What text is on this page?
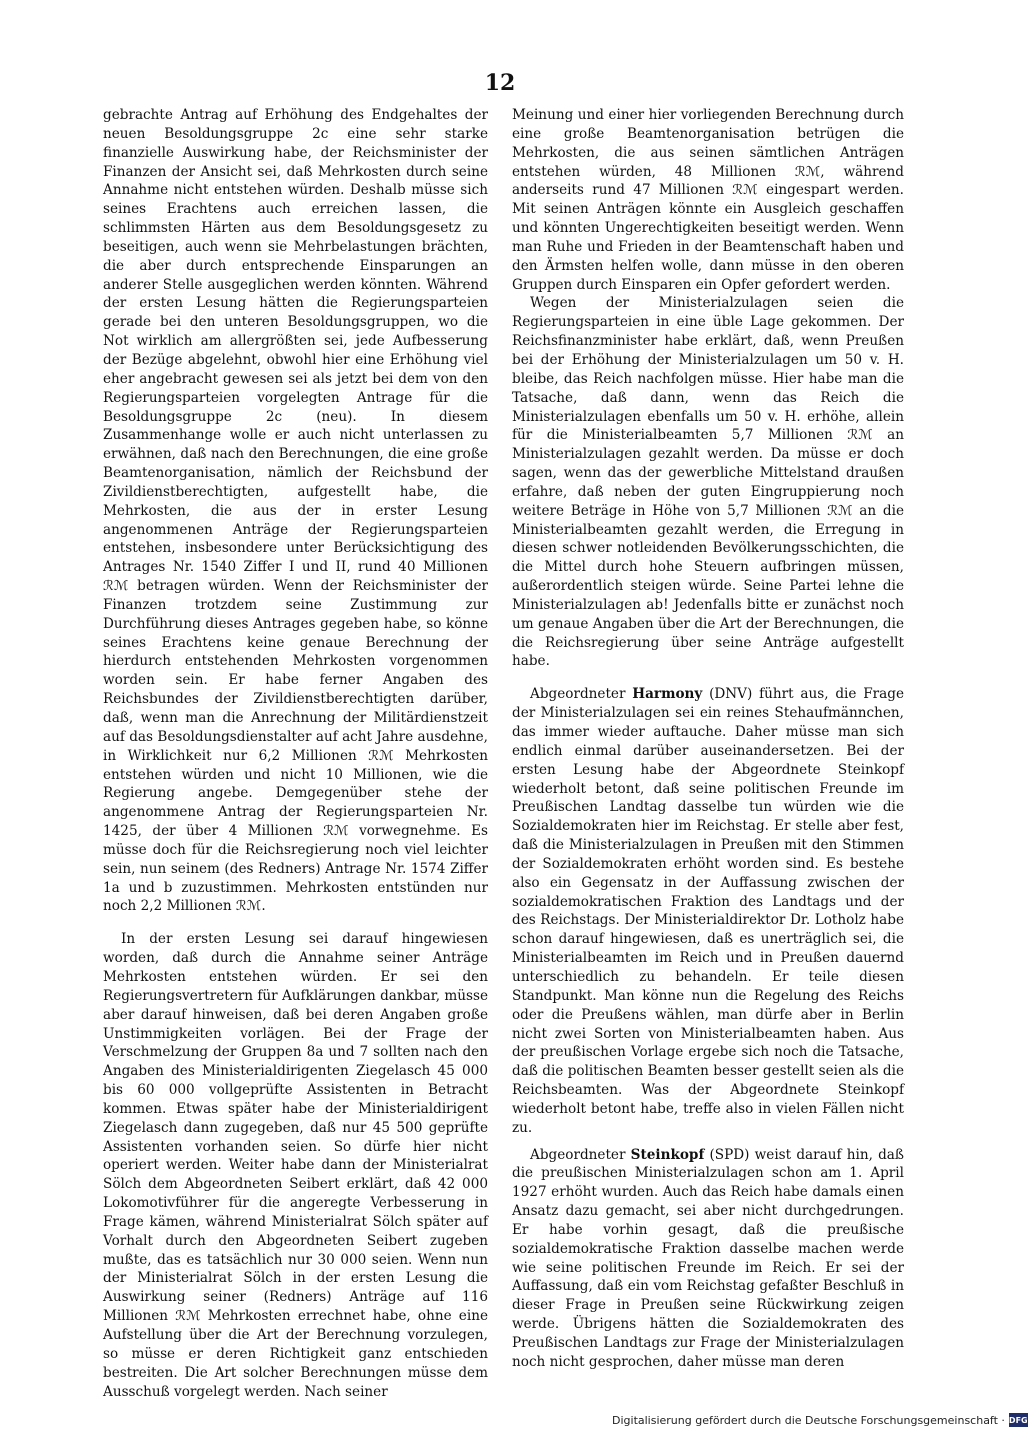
12

gebrachte Antrag auf Erhöhung des Endgehaltes der neuen Besoldungsgruppe 2c eine sehr starke finanzielle Auswirkung habe, der Reichsminister der Finanzen der Ansicht sei, daß Mehrkosten durch seine Annahme nicht entstehen würden. Deshalb müsse sich seines Erachtens auch erreichen lassen, die schlimmsten Härten aus dem Besoldungsgesetz zu beseitigen, auch wenn sie Mehrbelastungen brächten, die aber durch entsprechende Einsparungen an anderer Stelle ausgeglichen werden könnten. Während der ersten Lesung hätten die Regierungsparteien gerade bei den unteren Besoldungsgruppen, wo die Not wirklich am allergrößten sei, jede Aufbesserung der Bezüge abgelehnt, obwohl hier eine Erhöhung viel eher angebracht gewesen sei als jetzt bei dem von den Regierungsparteien vorgelegten Antrage für die Besoldungsgruppe 2c (neu). In diesem Zusammenhange wolle er auch nicht unterlassen zu erwähnen, daß nach den Berechnungen, die eine große Beamtenorganisation, nämlich der Reichsbund der Zivildienstberechtigten, aufgestellt habe, die Mehrkosten, die aus der in erster Lesung angenommenen Anträge der Regierungsparteien entstehen, insbesondere unter Berücksichtigung des Antrages Nr. 1540 Ziffer I und II, rund 40 Millionen ℛℳ betragen würden. Wenn der Reichsminister der Finanzen trotzdem seine Zustimmung zur Durchführung dieses Antrages gegeben habe, so könne seines Erachtens keine genaue Berechnung der hierdurch entstehenden Mehrkosten vorgenommen worden sein. Er habe ferner Angaben des Reichsbundes der Zivildienstberechtigten darüber, daß, wenn man die Anrechnung der Militärdienstzeit auf das Besoldungsdienstalter auf acht Jahre ausdehne, in Wirklichkeit nur 6,2 Millionen ℛℳ Mehrkosten entstehen würden und nicht 10 Millionen, wie die Regierung angebe. Demgegenüber stehe der angenommene Antrag der Regierungsparteien Nr. 1425, der über 4 Millionen ℛℳ vorwegnehme. Es müsse doch für die Reichsregierung noch viel leichter sein, nun seinem (des Redners) Antrage Nr. 1574 Ziffer 1a und b zuzustimmen. Mehrkosten entstünden nur noch 2,2 Millionen ℛℳ.

In der ersten Lesung sei darauf hingewiesen worden, daß durch die Annahme seiner Anträge Mehrkosten entstehen würden. Er sei den Regierungsvertretern für Aufklärungen dankbar, müsse aber darauf hinweisen, daß bei deren Angaben große Unstimmigkeiten vorlägen. Bei der Frage der Verschmelzung der Gruppen 8a und 7 sollten nach den Angaben des Ministerialdirigenten Ziegelasch 45 000 bis 60 000 vollgeprüfte Assistenten in Betracht kommen. Etwas später habe der Ministerialdirigent Ziegelasch dann zugegeben, daß nur 45 500 geprüfte Assistenten vorhanden seien. So dürfe hier nicht operiert werden. Weiter habe dann der Ministerialrat Sölch dem Abgeordneten Seibert erklärt, daß 42 000 Lokomotivführer für die angeregte Verbesserung in Frage kämen, während Ministerialrat Sölch später auf Vorhalt durch den Abgeordneten Seibert zugeben mußte, das es tatsächlich nur 30 000 seien. Wenn nun der Ministerialrat Sölch in der ersten Lesung die Auswirkung seiner (Redners) Anträge auf 116 Millionen ℛℳ Mehrkosten errechnet habe, ohne eine Aufstellung über die Art der Berechnung vorzulegen, so müsse er deren Richtigkeit ganz entschieden bestreiten. Die Art solcher Berechnungen müsse dem Ausschuß vorgelegt werden. Nach seiner

Meinung und einer hier vorliegenden Berechnung durch eine große Beamtenorganisation betrügen die Mehrkosten, die aus seinen sämtlichen Anträgen entstehen würden, 48 Millionen ℛℳ, während anderseits rund 47 Millionen ℛℳ eingespart werden. Mit seinen Anträgen könnte ein Ausgleich geschaffen und könnten Ungerechtigkeiten beseitigt werden. Wenn man Ruhe und Frieden in der Beamtenschaft haben und den Ärmsten helfen wolle, dann müsse in den oberen Gruppen durch Einsparen ein Opfer gefordert werden.

Wegen der Ministerialzulagen seien die Regierungsparteien in eine üble Lage gekommen. Der Reichsfinanzminister habe erklärt, daß, wenn Preußen bei der Erhöhung der Ministerialzulagen um 50 v. H. bleibe, das Reich nachfolgen müsse. Hier habe man die Tatsache, daß dann, wenn das Reich die Ministerialzulagen ebenfalls um 50 v. H. erhöhe, allein für die Ministerialbeamten 5,7 Millionen ℛℳ an Ministerialzulagen gezahlt werden. Da müsse er doch sagen, wenn das der gewerbliche Mittelstand draußen erfahre, daß neben der guten Eingruppierung noch weitere Beträge in Höhe von 5,7 Millionen ℛℳ an die Ministerialbeamten gezahlt werden, die Erregung in diesen schwer notleidenden Bevölkerungsschichten, die die Mittel durch hohe Steuern aufbringen müssen, außerordentlich steigen würde. Seine Partei lehne die Ministerialzulagen ab! Jedenfalls bitte er zunächst noch um genaue Angaben über die Art der Berechnungen, die die Reichsregierung über seine Anträge aufgestellt habe.

Abgeordneter Harmony (DNV) führt aus, die Frage der Ministerialzulagen sei ein reines Stehaufmännchen, das immer wieder auftauche. Daher müsse man sich endlich einmal darüber auseinandersetzen. Bei der ersten Lesung habe der Abgeordnete Steinkopf wiederholt betont, daß seine politischen Freunde im Preußischen Landtag dasselbe tun würden wie die Sozialdemokraten hier im Reichstag. Er stelle aber fest, daß die Ministerialzulagen in Preußen mit den Stimmen der Sozialdemokraten erhöht worden sind. Es bestehe also ein Gegensatz in der Auffassung zwischen der sozialdemokratischen Fraktion des Landtags und der des Reichstags. Der Ministerialdirektor Dr. Lotholz habe schon darauf hingewiesen, daß es unerträglich sei, die Ministerialbeamten im Reich und in Preußen dauernd unterschiedlich zu behandeln. Er teile diesen Standpunkt. Man könne nun die Regelung des Reichs oder die Preußens wählen, man dürfe aber in Berlin nicht zwei Sorten von Ministerialbeamten haben. Aus der preußischen Vorlage ergebe sich noch die Tatsache, daß die politischen Beamten besser gestellt seien als die Reichsbeamten. Was der Abgeordnete Steinkopf wiederholt betont habe, treffe also in vielen Fällen nicht zu.

Abgeordneter Steinkopf (SPD) weist darauf hin, daß die preußischen Ministerialzulagen schon am 1. April 1927 erhöht wurden. Auch das Reich habe damals einen Ansatz dazu gemacht, sei aber nicht durchgedrungen. Er habe vorhin gesagt, daß die preußische sozialdemokratische Fraktion dasselbe machen werde wie seine politischen Freunde im Reich. Er sei der Auffassung, daß ein vom Reichstag gefaßter Beschluß in dieser Frage in Preußen seine Rückwirkung zeigen werde. Übrigens hätten die Sozialdemokraten des Preußischen Landtags zur Frage der Ministerialzulagen noch nicht gesprochen, daher müsse man deren

Digitalisierung gefördert durch die Deutsche Forschungsgemeinschaft · DFG
